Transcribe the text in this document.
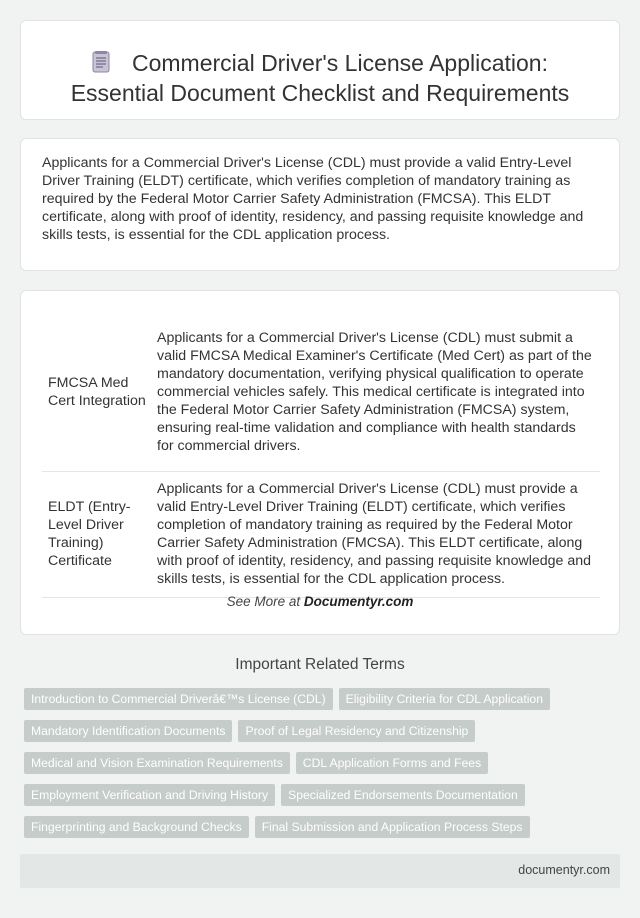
Commercial Driver's License Application:
Essential Document Checklist and Requirements

Applicants for a Commercial Driver's License (CDL) must provide a valid Entry-Level Driver Training (ELDT) certificate, which verifies completion of mandatory training as required by the Federal Motor Carrier Safety Administration (FMCSA). This ELDT certificate, along with proof of identity, residency, and passing requisite knowledge and skills tests, is essential for the CDL application process.

FMCSA Med Cert Integration	Applicants for a Commercial Driver's License (CDL) must submit a valid FMCSA Medical Examiner's Certificate (Med Cert) as part of the mandatory documentation, verifying physical qualification to operate commercial vehicles safely. This medical certificate is integrated into the Federal Motor Carrier Safety Administration (FMCSA) system, ensuring real-time validation and compliance with health standards for commercial drivers.
ELDT (Entry-Level Driver Training) Certificate	Applicants for a Commercial Driver's License (CDL) must provide a valid Entry-Level Driver Training (ELDT) certificate, which verifies completion of mandatory training as required by the Federal Motor Carrier Safety Administration (FMCSA). This ELDT certificate, along with proof of identity, residency, and passing requisite knowledge and skills tests, is essential for the CDL application process.
See More at Documentyr.com
Important Related Terms
Introduction to Commercial Driverâ€™s License (CDL) Eligibility Criteria for CDL Application
Mandatory Identification Documents Proof of Legal Residency and Citizenship
Medical and Vision Examination Requirements CDL Application Forms and Fees
Employment Verification and Driving History Specialized Endorsements Documentation
Fingerprinting and Background Checks Final Submission and Application Process Steps
documentyr.com
